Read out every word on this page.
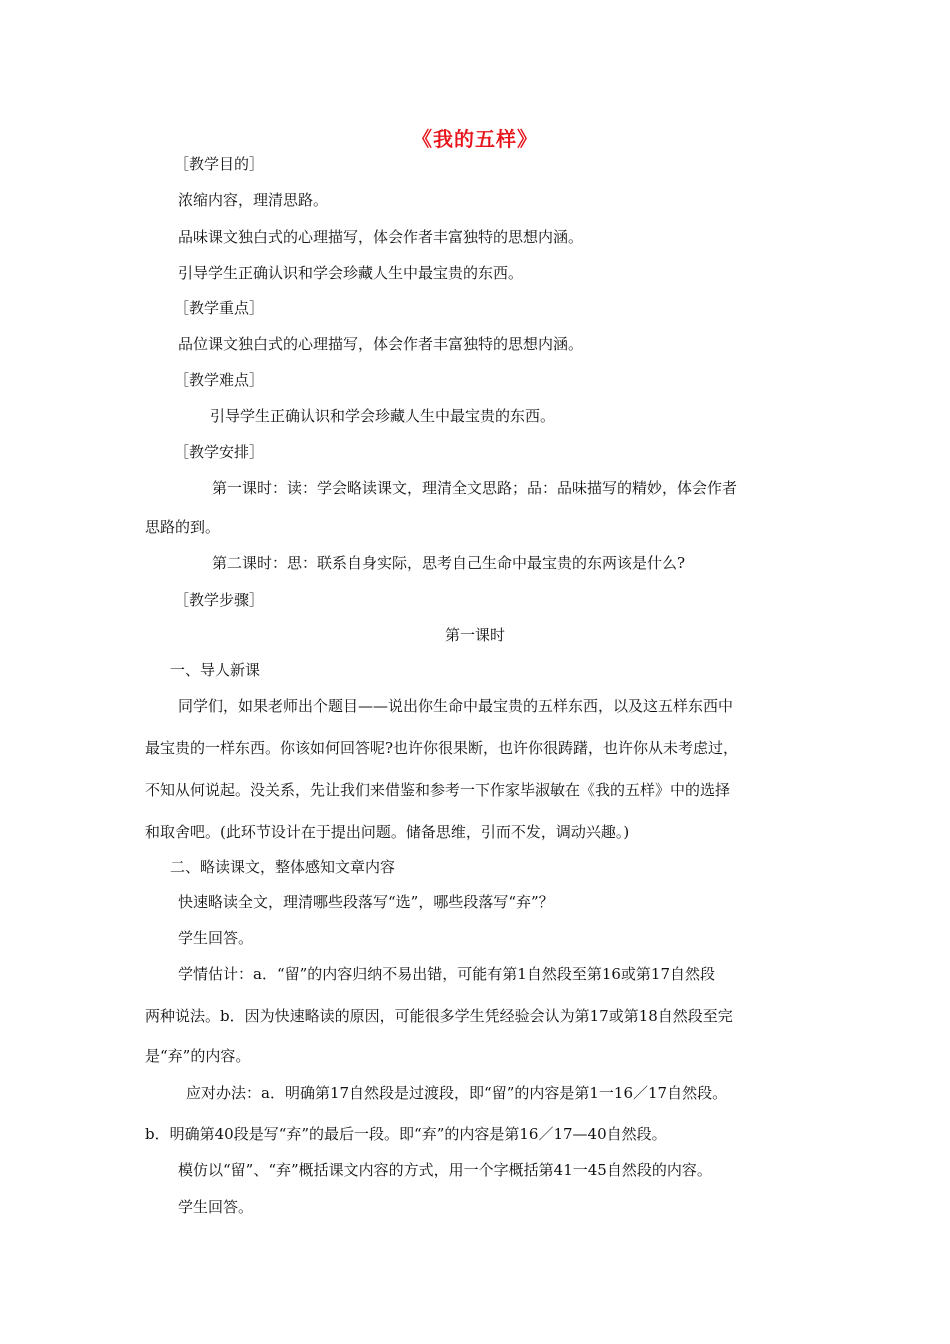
《我的五样》
［教学目的］
浓缩内容，理清思路。
品味课文独白式的心理描写，体会作者丰富独特的思想内涵。
引导学生正确认识和学会珍藏人生中最宝贵的东西。
［教学重点］
品位课文独白式的心理描写，体会作者丰富独特的思想内涵。
［教学难点］
引导学生正确认识和学会珍藏人生中最宝贵的东西。
［教学安排］
第一课时：读：学会略读课文，理清全文思路；品：品味描写的精妙，体会作者
思路的到。
第二课时：思：联系自身实际，思考自己生命中最宝贵的东两该是什么?
［教学步骤］
第一课时
一、导人新课
同学们，如果老师出个题目——说出你生命中最宝贵的五样东西，以及这五样东西中
最宝贵的一样东西。你该如何回答呢?也许你很果断，也许你很踌躇，也许你从未考虑过，
不知从何说起。没关系，先让我们来借鉴和参考一下作家毕淑敏在《我的五样》中的选择
和取舍吧。(此环节设计在于提出问题。储备思维，引而不发，调动兴趣。)
二、略读课文，整体感知文章内容
快速略读全文，理清哪些段落写“选”，哪些段落写“弃”？
学生回答。
学情估计：a．“留”的内容归纳不易出错，可能有第1自然段至第16或第17自然段
两种说法。b．因为快速略读的原因，可能很多学生凭经验会认为第17或第18自然段至完
是“弃”的内容。
应对办法：a．明确第17自然段是过渡段，即“留”的内容是第1一16／17自然段。
b．明确第40段是写“弃”的最后一段。即“弃”的内容是第16／17—40自然段。
模仿以“留”、“弃”概括课文内容的方式，用一个字概括第41一45自然段的内容。
学生回答。
